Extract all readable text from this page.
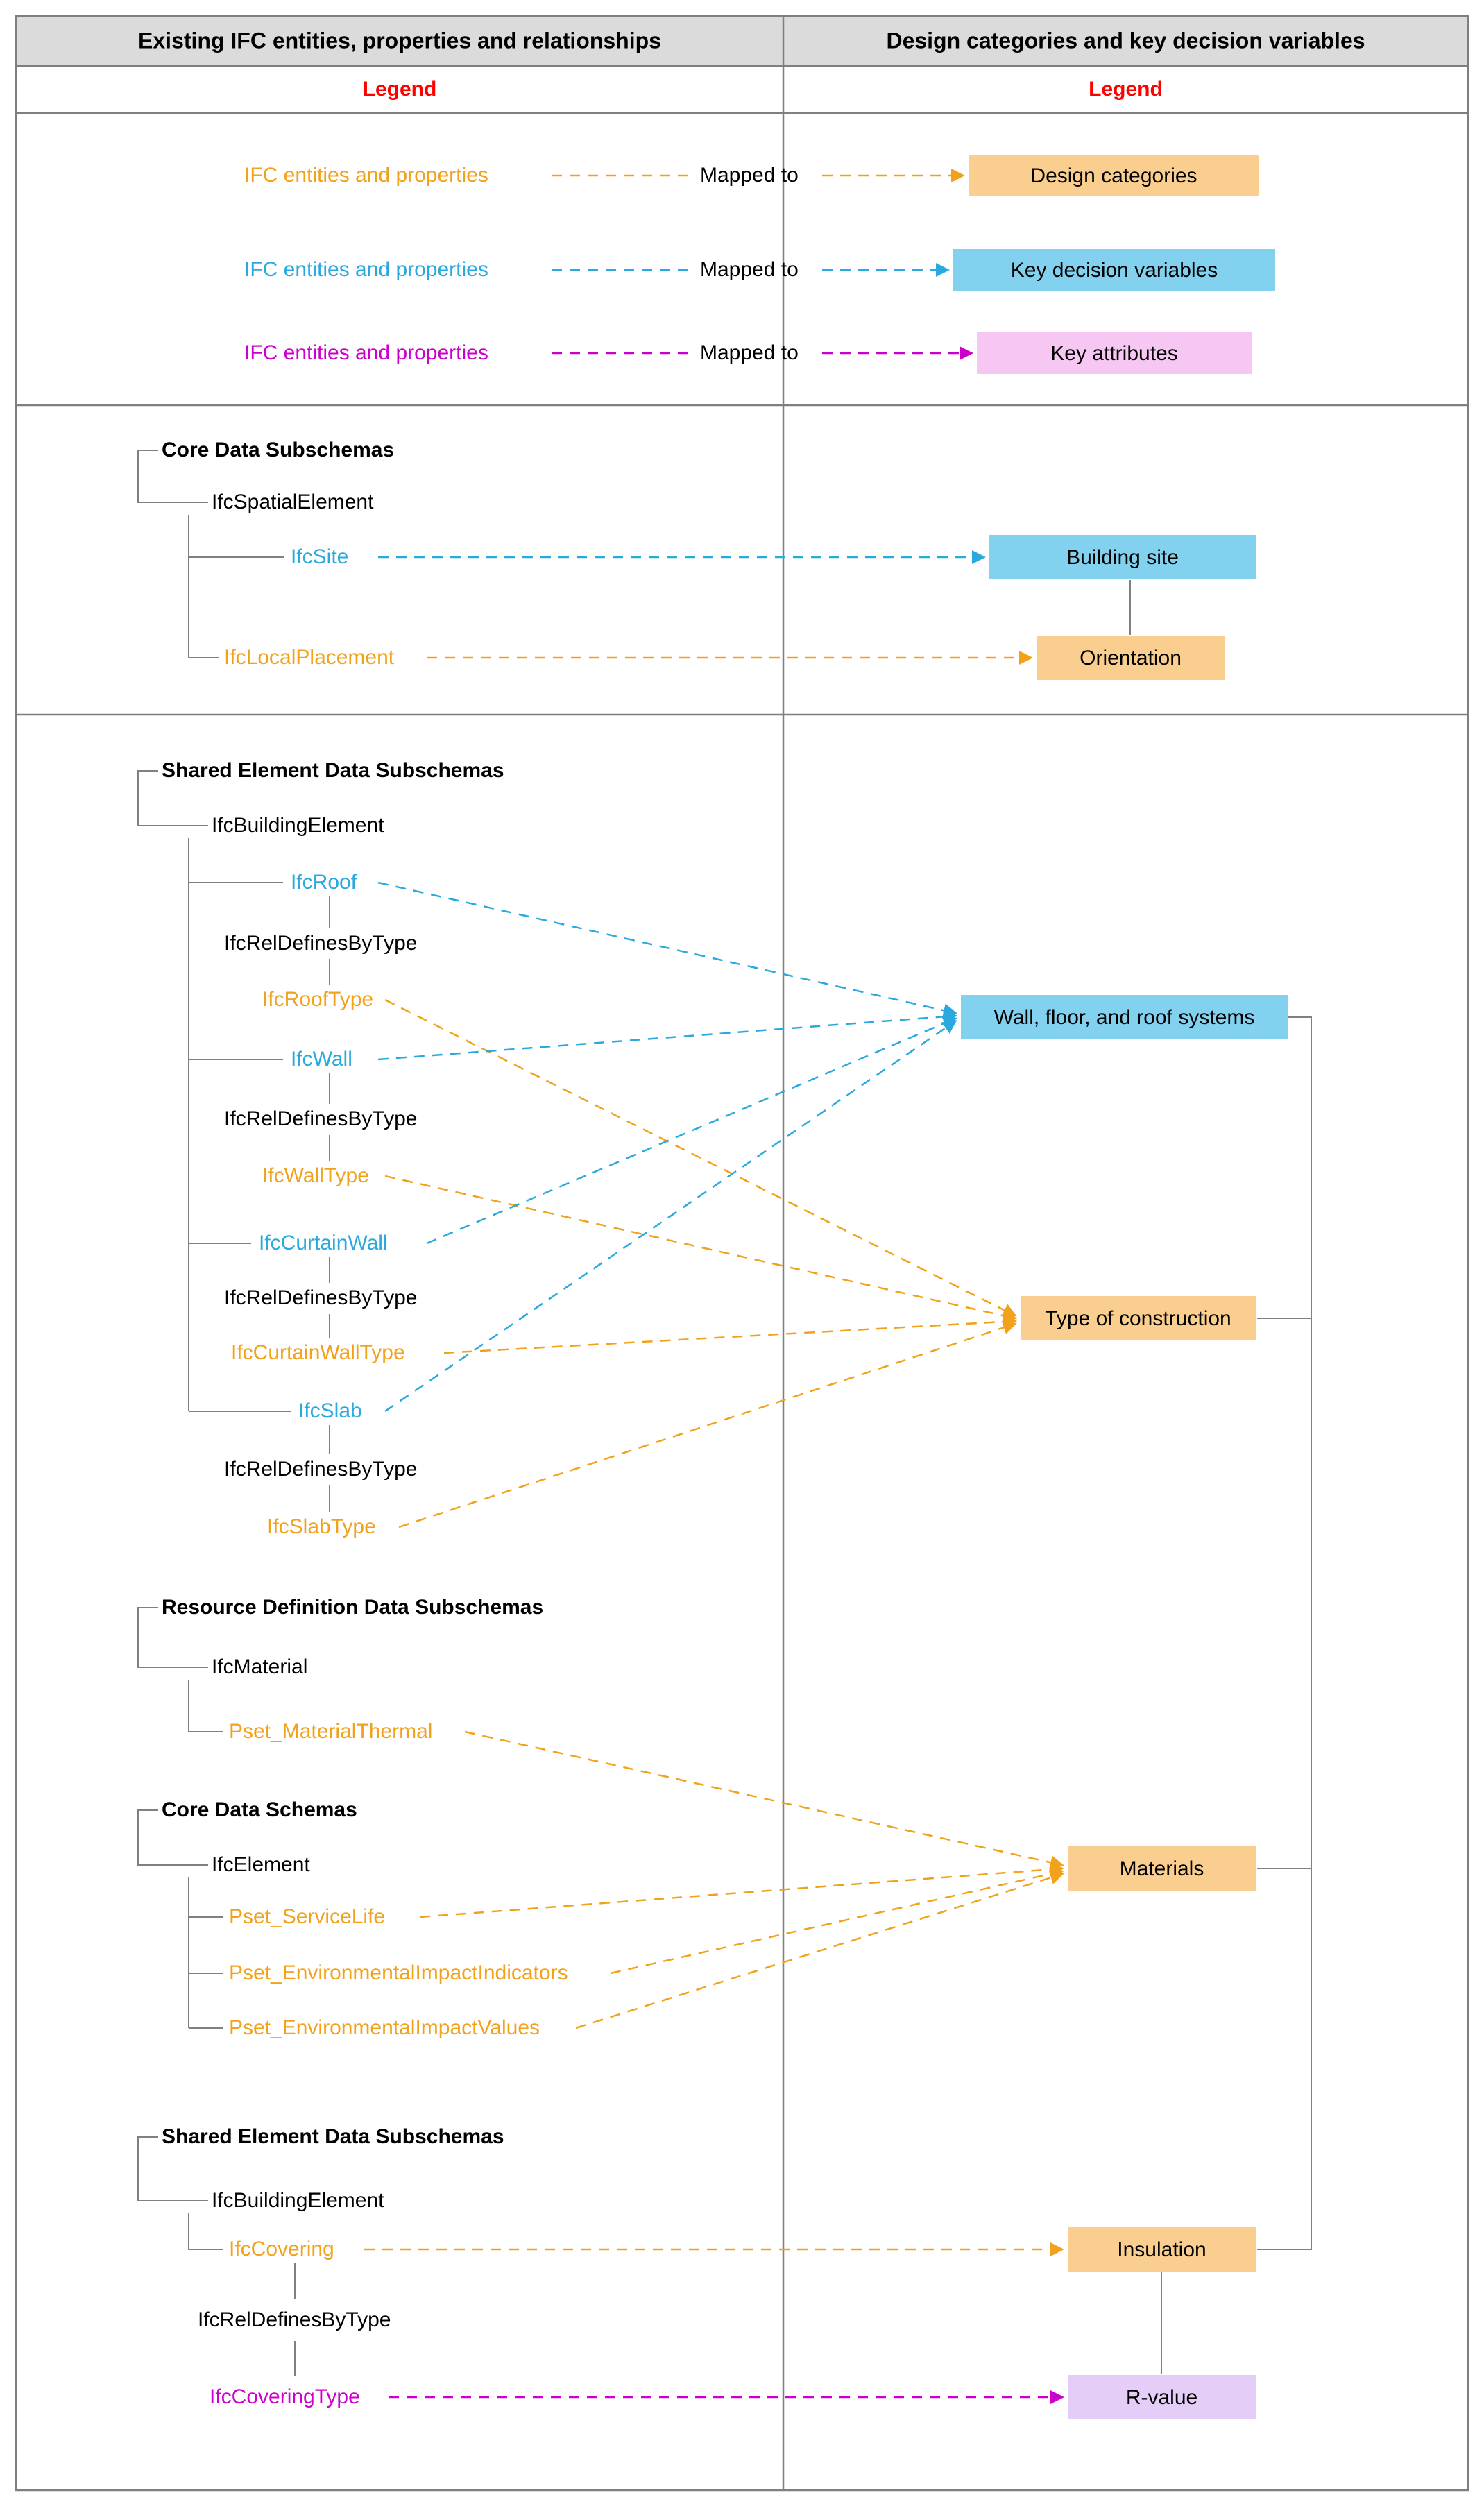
Existing IFC entities, properties and relationships	Design categories and key decision variables
Legend	Legend
IFC entities and properties	Mapped to	Design categories
IFC entities and properties	Mapped to	Key decision variables
IFC entities and properties	Mapped to	Key attributes
Core Data Subschemas
IfcSpatialElement
IfcSite	Building site
IfcLocalPlacement	Orientation
Shared Element Data Subschemas
IfcBuildingElement
IfcRoof
IfcRelDefinesByType
IfcRoofType
IfcWall
IfcRelDefinesByType
IfcWallType
IfcCurtainWall
IfcRelDefinesByType
IfcCurtainWallType
IfcSlab
IfcRelDefinesByType
IfcSlabType
Wall, floor, and roof systems
Type of construction
Resource Definition Data Subschemas
IfcMaterial
Pset_MaterialThermal
Core Data Schemas
IfcElement
Pset_ServiceLife
Pset_EnvironmentalImpactIndicators
Pset_EnvironmentalImpactValues
Materials
Shared Element Data Subschemas
IfcBuildingElement
IfcCovering	Insulation
IfcRelDefinesByType
IfcCoveringType	R-value
